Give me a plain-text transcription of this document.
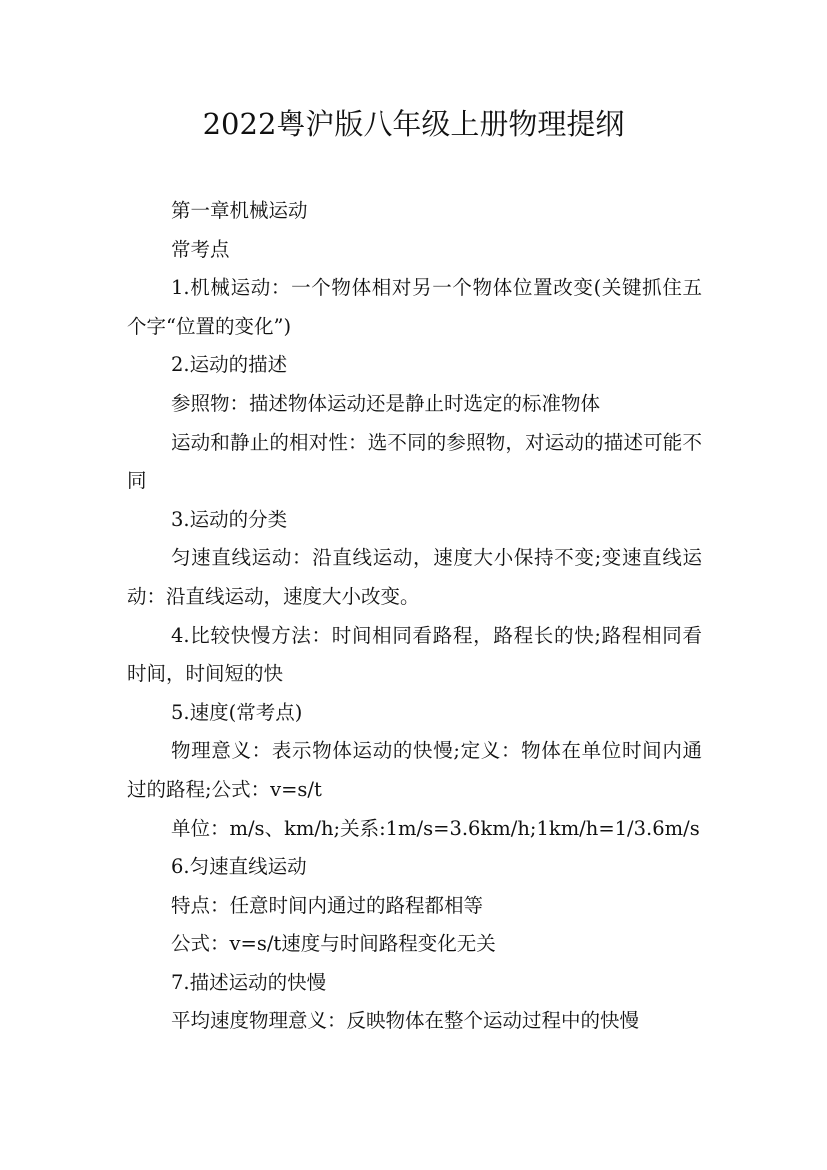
2022粤沪版八年级上册物理提纲

第一章机械运动

常考点

1.机械运动：一个物体相对另一个物体位置改变(关键抓住五个字“位置的变化”)

2.运动的描述

参照物：描述物体运动还是静止时选定的标准物体

运动和静止的相对性：选不同的参照物，对运动的描述可能不同

3.运动的分类

匀速直线运动：沿直线运动，速度大小保持不变;变速直线运动：沿直线运动，速度大小改变。

4.比较快慢方法：时间相同看路程，路程长的快;路程相同看时间，时间短的快

5.速度(常考点)

物理意义：表示物体运动的快慢;定义：物体在单位时间内通过的路程;公式：v=s/t

单位：m/s、km/h;关系:1m/s=3.6km/h;1km/h=1/3.6m/s

6.匀速直线运动

特点：任意时间内通过的路程都相等

公式：v=s/t速度与时间路程变化无关

7.描述运动的快慢

平均速度物理意义：反映物体在整个运动过程中的快慢
